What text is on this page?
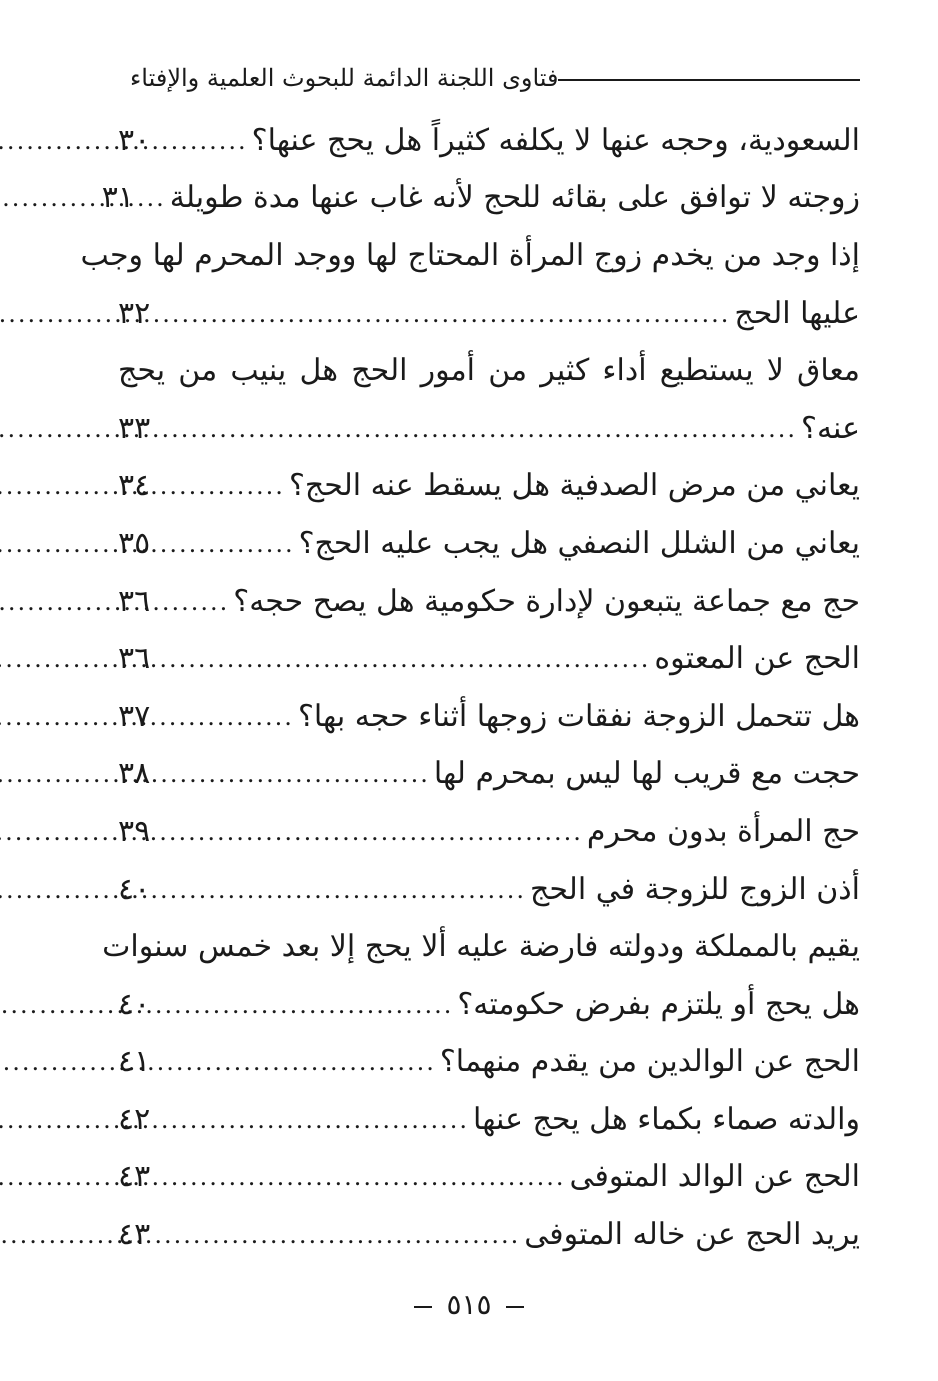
فتاوى اللجنة الدائمة للبحوث العلمية والإفتاء
السعودية، وحجه عنها لا يكلفه كثيراً هل يحج عنها؟
.....
٣٠
زوجته لا توافق على بقائه للحج لأنه غاب عنها مدة طويلة
.....
٣١
إذا وجد من يخدم زوج المرأة المحتاج لها ووجد المحرم لها وجب
عليها الحج
.....
٣٢
معاق لا يستطيع أداء كثير من أمور الحج هل ينيب من يحج
عنه؟
.....
٣٣
يعاني من مرض الصدفية هل يسقط عنه الحج؟
.....
٣٤
يعاني من الشلل النصفي هل يجب عليه الحج؟
.....
٣٥
حج مع جماعة يتبعون لإدارة حكومية هل يصح حجه؟
.....
٣٦
الحج عن المعتوه
.....
٣٦
هل تتحمل الزوجة نفقات زوجها أثناء حجه بها؟
.....
٣٧
حجت مع قريب لها ليس بمحرم لها
.....
٣٨
حج المرأة بدون محرم
.....
٣٩
أذن الزوج للزوجة في الحج
.....
٤٠
يقيم بالمملكة ودولته فارضة عليه ألا يحج إلا بعد خمس سنوات
هل يحج أو يلتزم بفرض حكومته؟
.....
٤٠
الحج عن الوالدين من يقدم منهما؟
.....
٤١
والدته صماء بكماء هل يحج عنها
.....
٤٢
الحج عن الوالد المتوفى
.....
٤٣
يريد الحج عن خاله المتوفى
.....
٤٣
٥١٥
